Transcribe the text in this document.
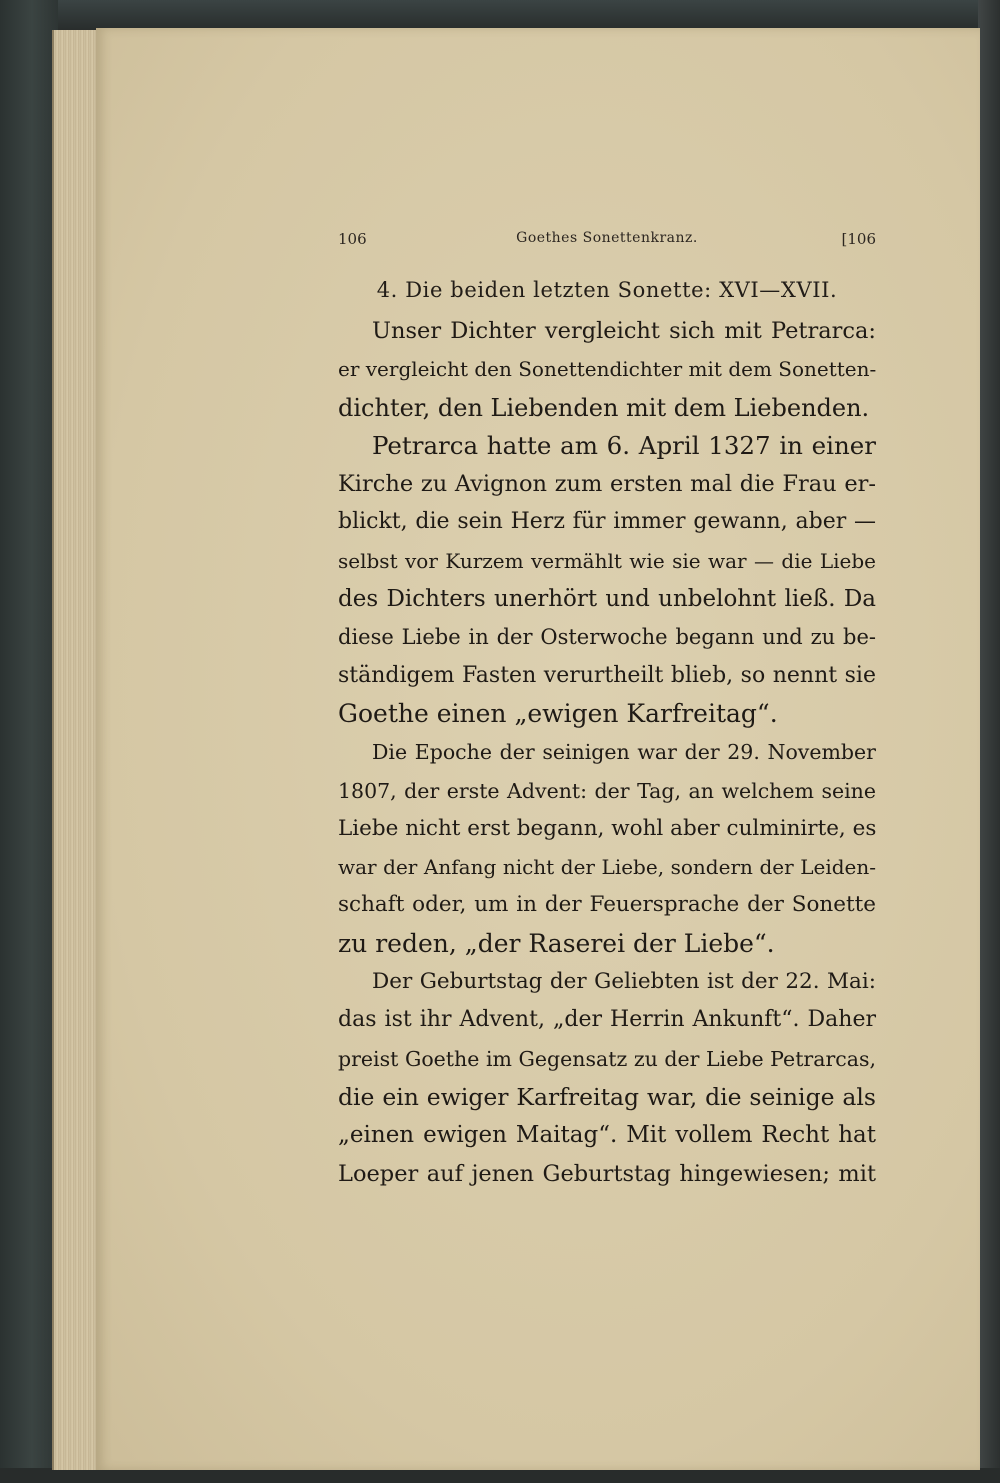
106	Goethes Sonettenkranz.	[106
4. Die beiden letzten Sonette: XVI—XVII.
Unser Dichter vergleicht sich mit Petrarca:
er vergleicht den Sonettendichter mit dem Sonetten-
dichter, den Liebenden mit dem Liebenden.
Petrarca hatte am 6. April 1327 in einer
Kirche zu Avignon zum ersten mal die Frau er-
blickt, die sein Herz für immer gewann, aber —
selbst vor Kurzem vermählt wie sie war — die Liebe
des Dichters unerhört und unbelohnt ließ. Da
diese Liebe in der Osterwoche begann und zu be-
ständigem Fasten verurtheilt blieb, so nennt sie
Goethe einen „ewigen Karfreitag“.
Die Epoche der seinigen war der 29. November
1807, der erste Advent: der Tag, an welchem seine
Liebe nicht erst begann, wohl aber culminirte, es
war der Anfang nicht der Liebe, sondern der Leiden-
schaft oder, um in der Feuersprache der Sonette
zu reden, „der Raserei der Liebe“.
Der Geburtstag der Geliebten ist der 22. Mai:
das ist ihr Advent, „der Herrin Ankunft“. Daher
preist Goethe im Gegensatz zu der Liebe Petrarcas,
die ein ewiger Karfreitag war, die seinige als
„einen ewigen Maitag“. Mit vollem Recht hat
Loeper auf jenen Geburtstag hingewiesen; mit
